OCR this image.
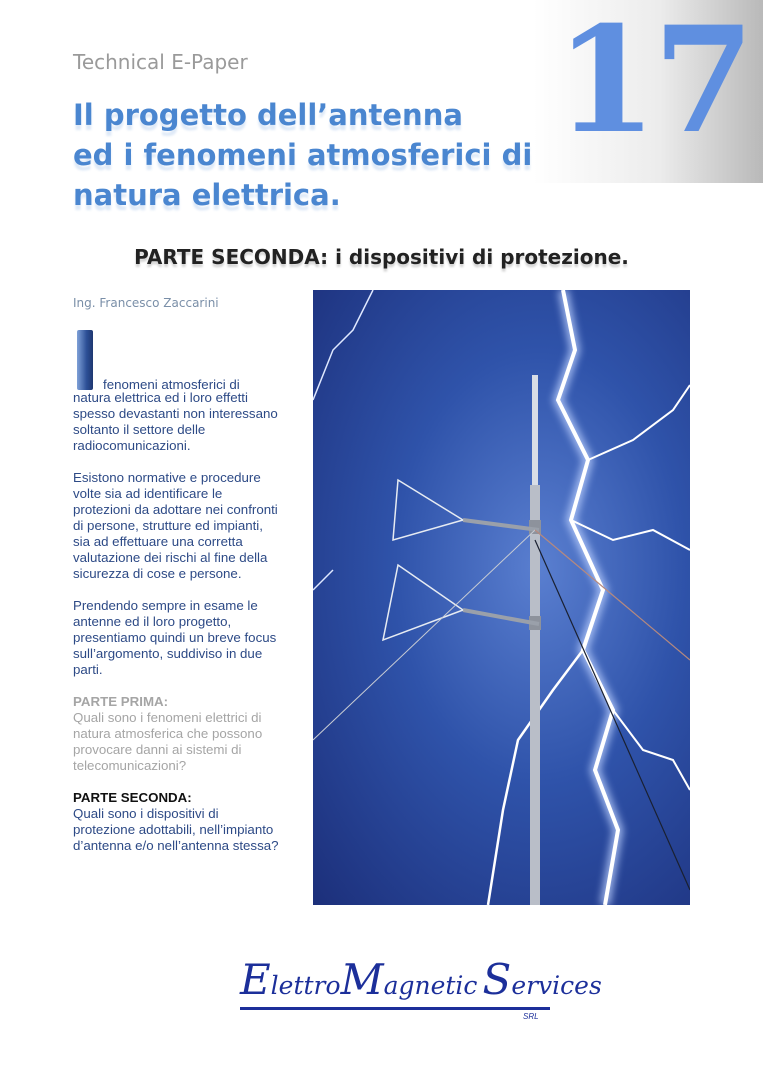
17
Technical E-Paper
Il progetto dell’antenna
ed i fenomeni atmosferici di
natura elettrica.
PARTE SECONDA: i dispositivi di protezione.
Ing. Francesco Zaccarini
fenomeni atmosferici di

natura elettrica ed i loro effetti spesso devastanti non interessano soltanto il settore delle radiocomunicazioni.

Esistono normative e procedure volte sia ad identificare le protezioni da adottare nei confronti di persone, strutture ed impianti, sia ad effettuare una corretta valutazione dei rischi al fine della sicurezza di cose e persone.

Prendendo sempre in esame le antenne ed il loro progetto, presentiamo quindi un breve focus sull’argomento, suddiviso in due parti.

PARTE PRIMA:

Quali sono i fenomeni elettrici di natura atmosferica che possono provocare danni ai sistemi di telecomunicazioni?

PARTE SECONDA:

Quali sono i dispositivi di protezione adottabili, nell’impianto d’antenna e/o nell’antenna stessa?

ElettroMagnetic Services
SRL
